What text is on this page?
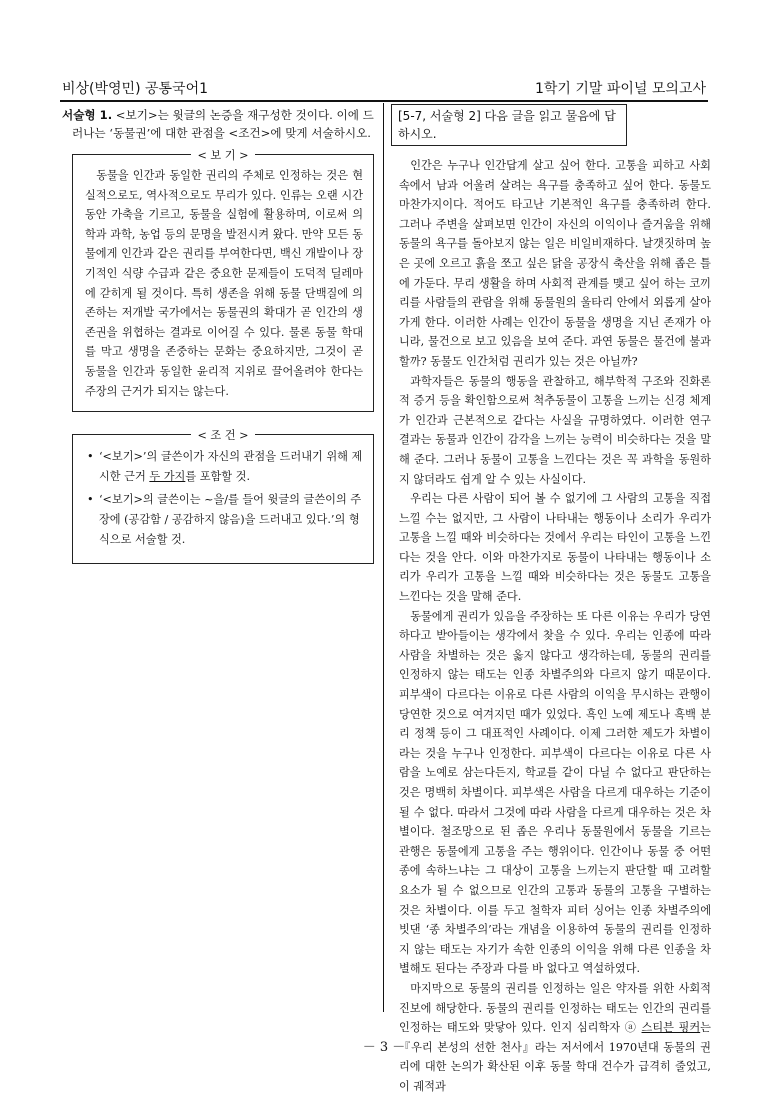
비상(박영민) 공통국어1	1학기 기말 파이널 모의고사

서술형 1. <보기>는 윗글의 논증을 재구성한 것이다. 이에 드러나는 ‘동물권’에 대한 관점을 <조건>에 맞게 서술하시오.

< 보 기 >

동물을 인간과 동일한 권리의 주체로 인정하는 것은 현실적으로도, 역사적으로도 무리가 있다. 인류는 오랜 시간 동안 가축을 기르고, 동물을 실험에 활용하며, 이로써 의학과 과학, 농업 등의 문명을 발전시켜 왔다. 만약 모든 동물에게 인간과 같은 권리를 부여한다면, 백신 개발이나 장기적인 식량 수급과 같은 중요한 문제들이 도덕적 딜레마에 갇히게 될 것이다. 특히 생존을 위해 동물 단백질에 의존하는 저개발 국가에서는 동물권의 확대가 곧 인간의 생존권을 위협하는 결과로 이어질 수 있다. 물론 동물 학대를 막고 생명을 존중하는 문화는 중요하지만, 그것이 곧 동물을 인간과 동일한 윤리적 지위로 끌어올려야 한다는 주장의 근거가 되지는 않는다.

< 조 건 >
• ‘<보기>’의 글쓴이가 자신의 관점을 드러내기 위해 제시한 근거 두 가지를 포함할 것.
• ‘<보기>의 글쓴이는 ~을/를 들어 윗글의 글쓴이의 주장에 (공감함 / 공감하지 않음)을 드러내고 있다.’의 형식으로 서술할 것.
[5-7, 서술형 2] 다음 글을 읽고 물음에 답하시오.

인간은 누구나 인간답게 살고 싶어 한다. 고통을 피하고 사회 속에서 남과 어울려 살려는 욕구를 충족하고 싶어 한다. 동물도 마찬가지이다. 적어도 타고난 기본적인 욕구를 충족하려 한다. 그러나 주변을 살펴보면 인간이 자신의 이익이나 즐거움을 위해 동물의 욕구를 돌아보지 않는 일은 비일비재하다. 날갯짓하며 높은 곳에 오르고 흙을 쪼고 싶은 닭을 공장식 축산을 위해 좁은 틀에 가둔다. 무리 생활을 하며 사회적 관계를 맺고 싶어 하는 코끼리를 사람들의 관람을 위해 동물원의 울타리 안에서 외롭게 살아가게 한다. 이러한 사례는 인간이 동물을 생명을 지닌 존재가 아니라, 물건으로 보고 있음을 보여 준다. 과연 동물은 물건에 불과할까? 동물도 인간처럼 권리가 있는 것은 아닐까?

과학자들은 동물의 행동을 관찰하고, 해부학적 구조와 진화론적 증거 등을 확인함으로써 척추동물이 고통을 느끼는 신경 체계가 인간과 근본적으로 같다는 사실을 규명하였다. 이러한 연구 결과는 동물과 인간이 감각을 느끼는 능력이 비슷하다는 것을 말해 준다. 그러나 동물이 고통을 느낀다는 것은 꼭 과학을 동원하지 않더라도 쉽게 알 수 있는 사실이다.

우리는 다른 사람이 되어 볼 수 없기에 그 사람의 고통을 직접 느낄 수는 없지만, 그 사람이 나타내는 행동이나 소리가 우리가 고통을 느낄 때와 비슷하다는 것에서 우리는 타인이 고통을 느낀다는 것을 안다. 이와 마찬가지로 동물이 나타내는 행동이나 소리가 우리가 고통을 느낄 때와 비슷하다는 것은 동물도 고통을 느낀다는 것을 말해 준다.

동물에게 권리가 있음을 주장하는 또 다른 이유는 우리가 당연하다고 받아들이는 생각에서 찾을 수 있다. 우리는 인종에 따라 사람을 차별하는 것은 옳지 않다고 생각하는데, 동물의 권리를 인정하지 않는 태도는 인종 차별주의와 다르지 않기 때문이다. 피부색이 다르다는 이유로 다른 사람의 이익을 무시하는 관행이 당연한 것으로 여겨지던 때가 있었다. 흑인 노예 제도나 흑백 분리 정책 등이 그 대표적인 사례이다. 이제 그러한 제도가 차별이라는 것을 누구나 인정한다. 피부색이 다르다는 이유로 다른 사람을 노예로 삼는다든지, 학교를 같이 다닐 수 없다고 판단하는 것은 명백히 차별이다. 피부색은 사람을 다르게 대우하는 기준이 될 수 없다. 따라서 그것에 따라 사람을 다르게 대우하는 것은 차별이다. 철조망으로 된 좁은 우리나 동물원에서 동물을 기르는 관행은 동물에게 고통을 주는 행위이다. 인간이나 동물 중 어떤 종에 속하느냐는 그 대상이 고통을 느끼는지 판단할 때 고려할 요소가 될 수 없으므로 인간의 고통과 동물의 고통을 구별하는 것은 차별이다. 이를 두고 철학자 피터 싱어는 인종 차별주의에 빗댄 ‘종 차별주의’라는 개념을 이용하여 동물의 권리를 인정하지 않는 태도는 자기가 속한 인종의 이익을 위해 다른 인종을 차별해도 된다는 주장과 다를 바 없다고 역설하였다.

마지막으로 동물의 권리를 인정하는 일은 약자를 위한 사회적 진보에 해당한다. 동물의 권리를 인정하는 태도는 인간의 권리를 인정하는 태도와 맞닿아 있다. 인지 심리학자 ⓐ 스티븐 핑커는 『우리 본성의 선한 천사』라는 저서에서 1970년대 동물의 권리에 대한 논의가 확산된 이후 동물 학대 건수가 급격히 줄었고, 이 궤적과

－ 3 －
